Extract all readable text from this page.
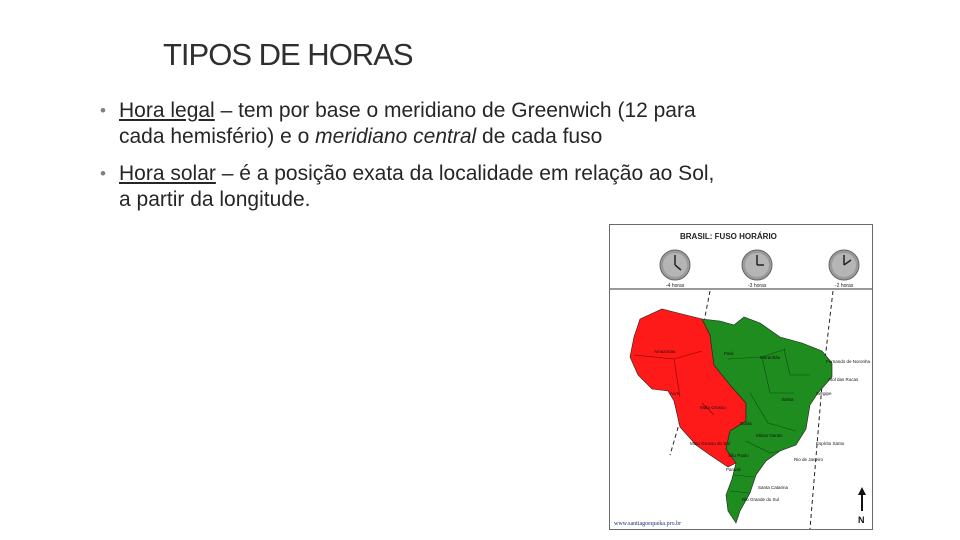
TIPOS DE HORAS
• Hora legal – tem por base o meridiano de Greenwich (12 para cada hemisfério) e o meridiano central de cada fuso
• Hora solar – é a posição exata da localidade em relação ao Sol, a partir da longitude.
BRASIL: FUSO HORÁRIO
-4 horas	-3 horas	-2 horas
Amazonas	Pará
Maranhão
Acre
Mato Grosso
Bahia
Goiás
Minas Gerais
Mato Grosso do Sul
São Paulo
Paraná
Santa Catarina
Rio Grande do Sul
Espírito Santo
Rio de Janeiro
Sergipe
Fernando de Noronha
Atol das Rocas
N
www.santiagoequeka.pro.br
